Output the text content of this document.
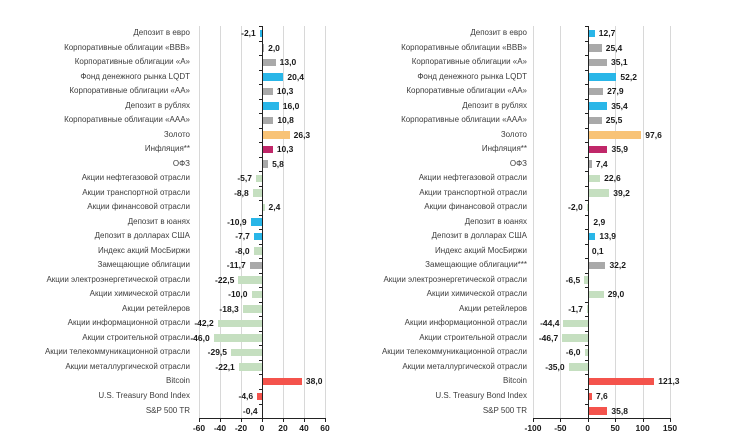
Депозит в евро	-2,1
Корпоративные облигации «BBB»	2,0
Корпоративные облигации «А»	13,0
Фонд денежного рынка LQDT	20,4
Корпоративные облигации «АА»	10,3
Депозит в рублях	16,0
Корпоративные облигации «ААА»	10,8
Золото	26,3
Инфляция**	10,3
ОФЗ	5,8
Акции нефтегазовой отрасли	-5,7
Акции транспортной отрасли	-8,8
Акции финансовой отрасли	2,4
Депозит в юанях	-10,9
Депозит в долларах США	-7,7
Индекс акций МосБиржи	-8,0
Замещающие облигации	-11,7
Акции электроэнергетической отрасли	-22,5
Акции химической отрасли	-10,0
Акции ретейлеров	-18,3
Акции информационной отрасли -42,2
Акции строительной отрасли -46,0
Акции телекоммуникационной отрасли -29,5
Акции металлургической отрасли	-22,1
Bitcoin	38,0
U.S. Treasury Bond Index	-4,6
S&P 500 TR	-0,4
-60 -40 -20 0 20 40 60
Депозит в евро	12,7
Корпоративные облигации «BBB»	25,4
Корпоративные облигации «А»	35,1
Фонд денежного рынка LQDT	52,2
Корпоративные облигации «АА»	27,9
Депозит в рублях	35,4
Корпоративные облигации «ААА»	25,5
Золото	97,6
Инфляция**	35,9
ОФЗ	7,4
Акции нефтегазовой отрасли	22,6
Акции транспортной отрасли	39,2
Акции финансовой отрасли	-2,0
Депозит в юанях	2,9
Депозит в долларах США	13,9
Индекс акций МосБиржи	0,1
Замещающие облигации***	32,2
Акции электроэнергетической отрасли	-6,5
Акции химической отрасли	29,0
Акции ретейлеров	-1,7
Акции информационной отрасли -44,4
Акции строительной отрасли -46,7
Акции телекоммуникационной отрасли	-6,0
Акции металлургической отрасли -35,0
Bitcoin	121,3
U.S. Treasury Bond Index	7,6
S&P 500 TR	35,8
-100 -50 0 50 100 150
